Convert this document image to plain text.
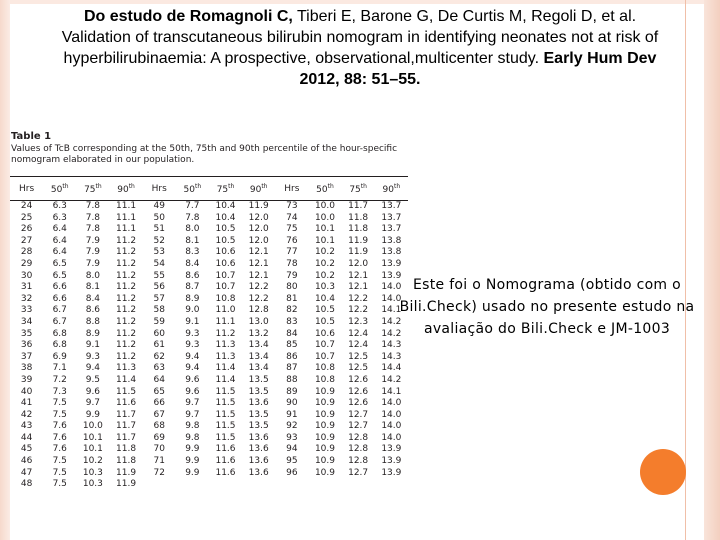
Do estudo de Romagnoli C, Tiberi E, Barone G, De Curtis M, Regoli D, et al. Validation of transcutaneous bilirubin nomogram in identifying neonates not at risk of hyperbilirubinaemia: A prospective, observational,multicenter study. Early Hum Dev 2012, 88: 51–55.
Table 1
Values of TcB corresponding at the 50th, 75th and 90th percentile of the hour-specific nomogram elaborated in our population.
Hrs	50th	75th	90th	Hrs	50th	75th	90th	Hrs	50th	75th	90th
24	6.3	7.8	11.1	49	7.7	10.4	11.9	73	10.0	11.7	13.7
25	6.3	7.8	11.1	50	7.8	10.4	12.0	74	10.0	11.8	13.7
26	6.4	7.8	11.1	51	8.0	10.5	12.0	75	10.1	11.8	13.7
27	6.4	7.9	11.2	52	8.1	10.5	12.0	76	10.1	11.9	13.8
28	6.4	7.9	11.2	53	8.3	10.6	12.1	77	10.2	11.9	13.8
29	6.5	7.9	11.2	54	8.4	10.6	12.1	78	10.2	12.0	13.9
30	6.5	8.0	11.2	55	8.6	10.7	12.1	79	10.2	12.1	13.9
31	6.6	8.1	11.2	56	8.7	10.7	12.2	80	10.3	12.1	14.0
32	6.6	8.4	11.2	57	8.9	10.8	12.2	81	10.4	12.2	14.0
33	6.7	8.6	11.2	58	9.0	11.0	12.8	82	10.5	12.2	14.1
34	6.7	8.8	11.2	59	9.1	11.1	13.0	83	10.5	12.3	14.2
35	6.8	8.9	11.2	60	9.3	11.2	13.2	84	10.6	12.4	14.2
36	6.8	9.1	11.2	61	9.3	11.3	13.4	85	10.7	12.4	14.3
37	6.9	9.3	11.2	62	9.4	11.3	13.4	86	10.7	12.5	14.3
38	7.1	9.4	11.3	63	9.4	11.4	13.4	87	10.8	12.5	14.4
39	7.2	9.5	11.4	64	9.6	11.4	13.5	88	10.8	12.6	14.2
40	7.3	9.6	11.5	65	9.6	11.5	13.5	89	10.9	12.6	14.1
41	7.5	9.7	11.6	66	9.7	11.5	13.6	90	10.9	12.6	14.0
42	7.5	9.9	11.7	67	9.7	11.5	13.5	91	10.9	12.7	14.0
43	7.6	10.0	11.7	68	9.8	11.5	13.5	92	10.9	12.7	14.0
44	7.6	10.1	11.7	69	9.8	11.5	13.6	93	10.9	12.8	14.0
45	7.6	10.1	11.8	70	9.9	11.6	13.6	94	10.9	12.8	13.9
46	7.5	10.2	11.8	71	9.9	11.6	13.6	95	10.9	12.8	13.9
47	7.5	10.3	11.9	72	9.9	11.6	13.6	96	10.9	12.7	13.9
48	7.5	10.3	11.9								
Este foi o Nomograma (obtido com o Bili.Check) usado no presente estudo na avaliação do Bili.Check e JM-1003
